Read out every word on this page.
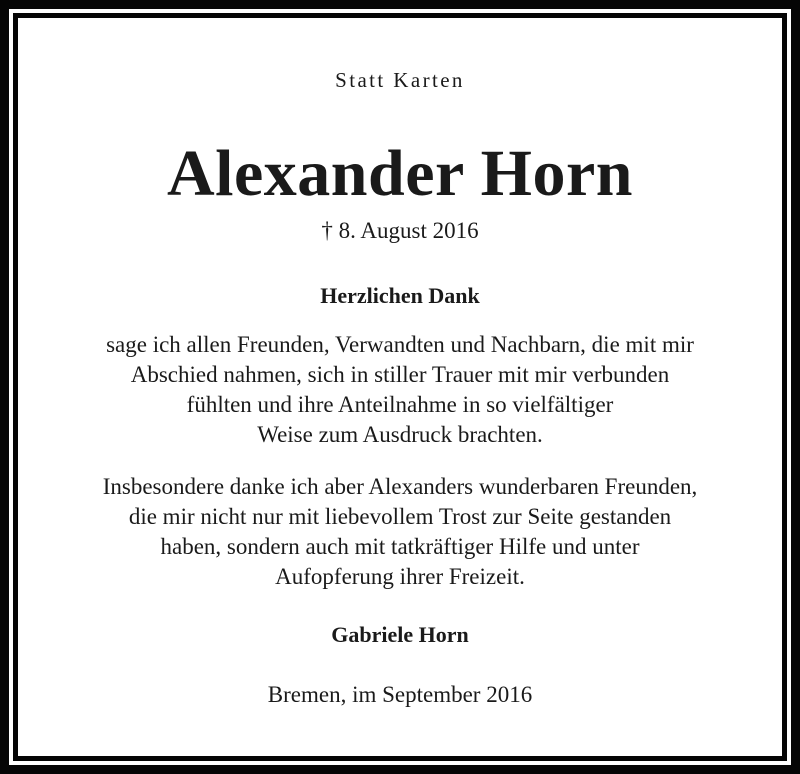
Statt Karten
Alexander Horn
† 8. August 2016
Herzlichen Dank
sage ich allen Freunden, Verwandten und Nachbarn, die mit mir
Abschied nahmen, sich in stiller Trauer mit mir verbunden
fühlten und ihre Anteilnahme in so vielfältiger
Weise zum Ausdruck brachten.
Insbesondere danke ich aber Alexanders wunderbaren Freunden,
die mir nicht nur mit liebevollem Trost zur Seite gestanden
haben, sondern auch mit tatkräftiger Hilfe und unter
Aufopferung ihrer Freizeit.
Gabriele Horn
Bremen, im September 2016
